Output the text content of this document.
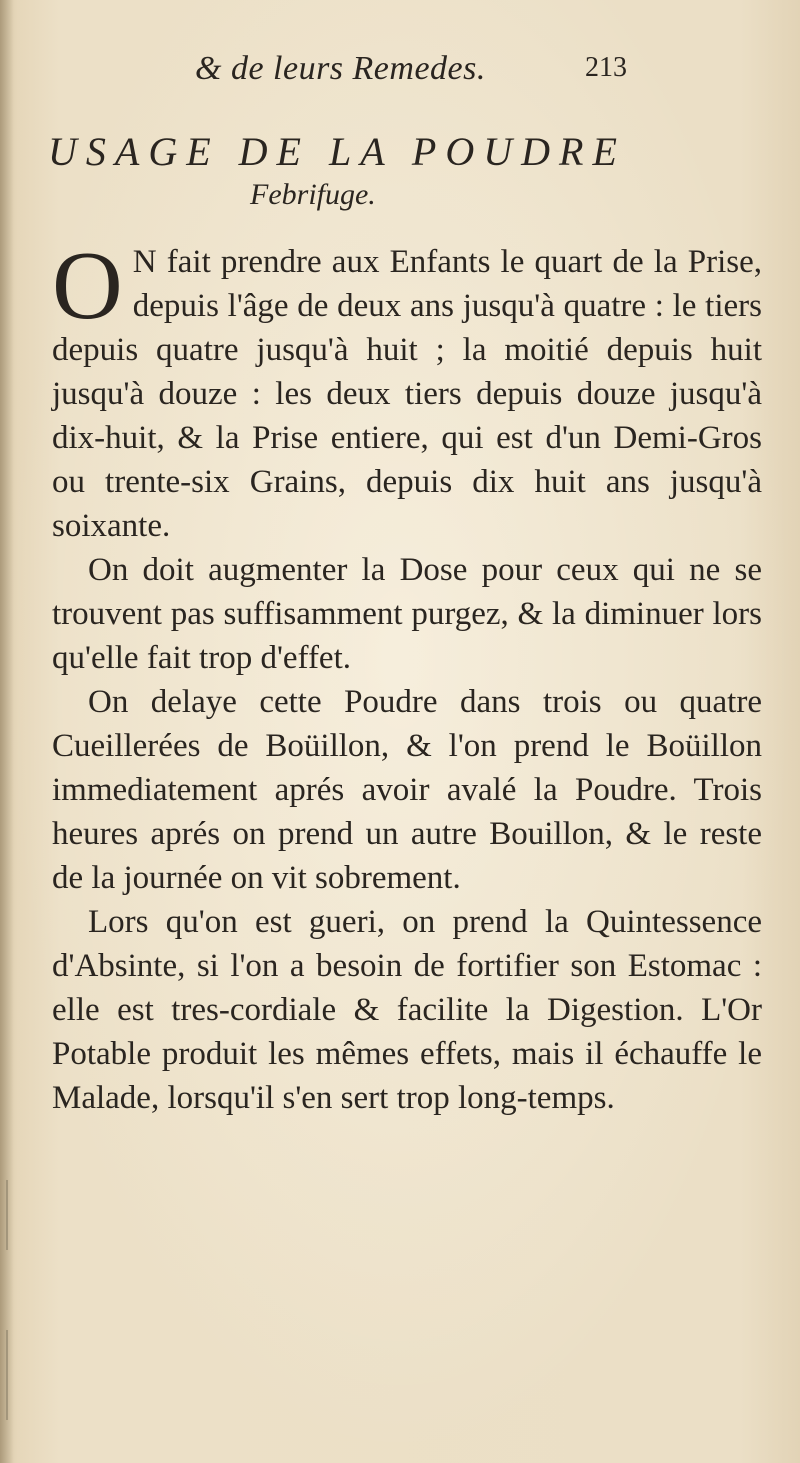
& de leurs Remedes.	213
USAGE DE LA POUDRE
Febrifuge.

O N fait prendre aux Enfants le quart de la Prise, depuis l'âge de deux ans jusqu'à quatre : le tiers depuis quatre jusqu'à huit ; la moitié depuis huit jusqu'à douze : les deux tiers depuis douze jusqu'à dix-huit, & la Prise entiere, qui est d'un Demi-Gros ou trente-six Grains, depuis dix huit ans jusqu'à soixante.

On doit augmenter la Dose pour ceux qui ne se trouvent pas suffisamment purgez, & la diminuer lors qu'elle fait trop d'effet.

On delaye cette Poudre dans trois ou quatre Cueillerées de Boüillon, & l'on prend le Boüillon immediatement aprés avoir avalé la Poudre. Trois heures aprés on prend un autre Bouillon, & le reste de la journée on vit sobrement.

Lors qu'on est gueri, on prend la Quintessence d'Absinte, si l'on a besoin de fortifier son Estomac : elle est tres-cordiale & facilite la Digestion. L'Or Potable produit les mêmes effets, mais il échauffe le Malade, lorsqu'il s'en sert trop long-temps.
